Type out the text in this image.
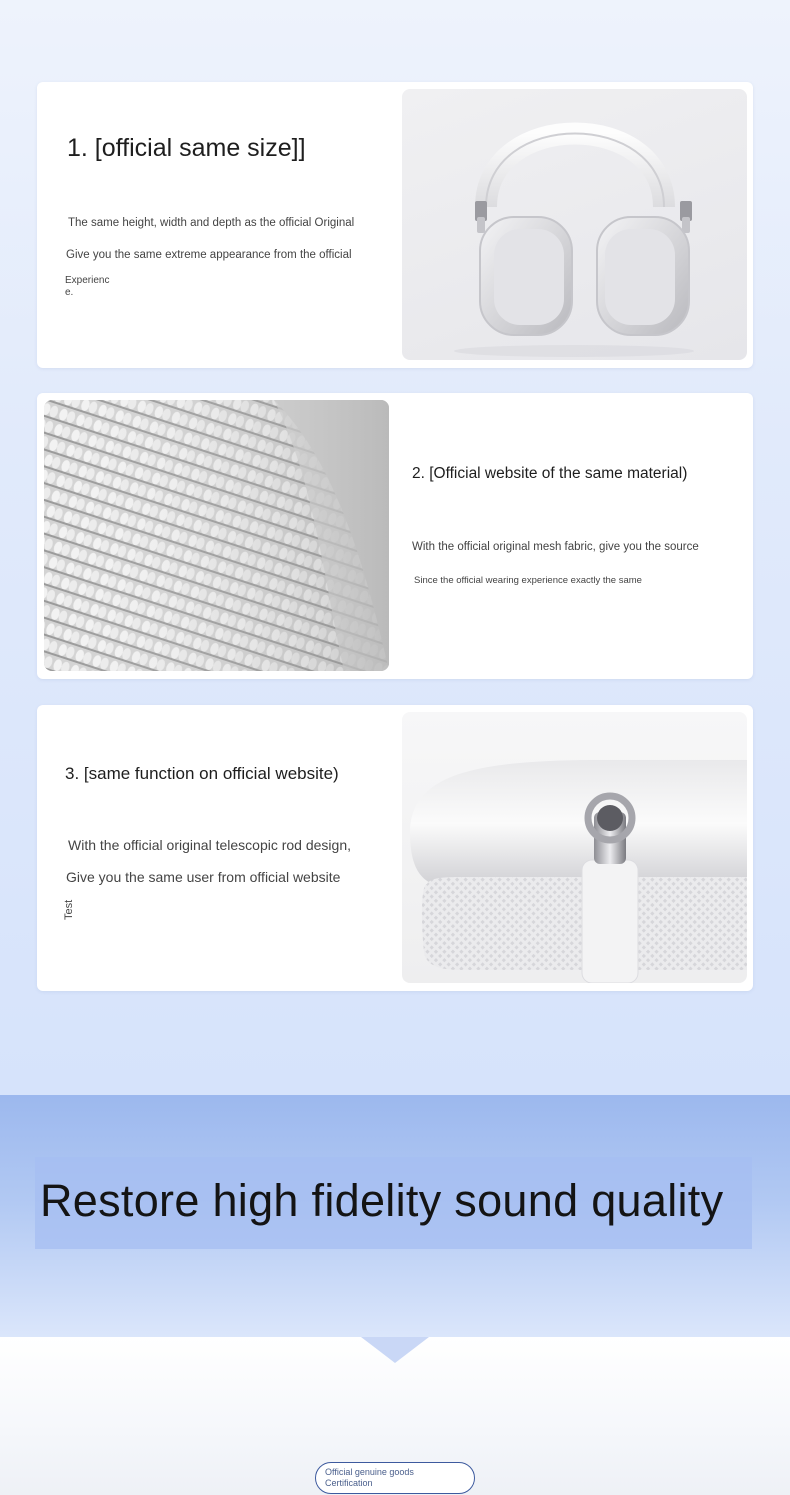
1. [official same size]]
The same height, width and depth as the official Original
Give you the same extreme appearance from the official
Experienc e.
2. [Official website of the same material)
With the official original mesh fabric, give you the source
Since the official wearing experience exactly the same
3. [same function on official website)
With the official original telescopic rod design,
Give you the same user from official website
Test
Restore high fidelity sound quality
Official genuine goods
Certification
